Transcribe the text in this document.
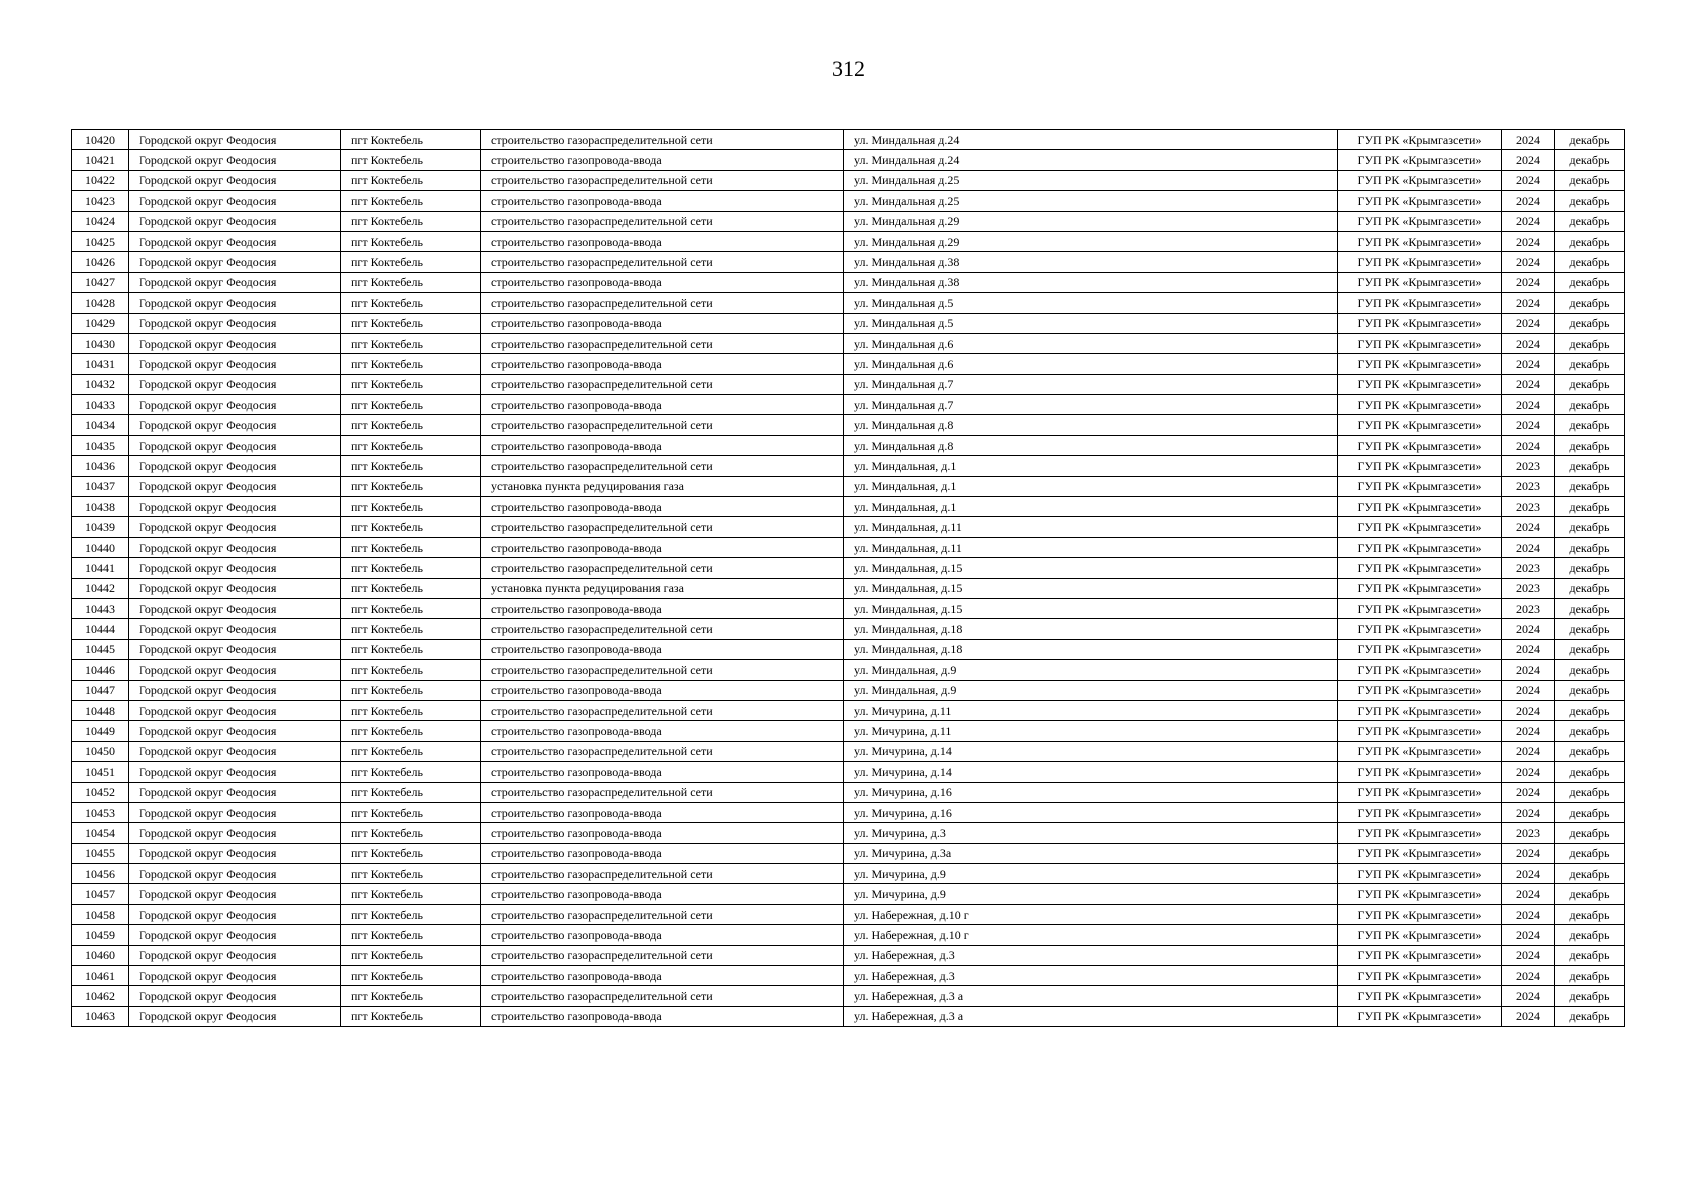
312
10420	Городской округ Феодосия	пгт Коктебель	строительство газораспределительной сети	ул. Миндальная д.24	ГУП РК «Крымгазсети»	2024	декабрь
10421	Городской округ Феодосия	пгт Коктебель	строительство газопровода-ввода	ул. Миндальная д.24	ГУП РК «Крымгазсети»	2024	декабрь
10422	Городской округ Феодосия	пгт Коктебель	строительство газораспределительной сети	ул. Миндальная д.25	ГУП РК «Крымгазсети»	2024	декабрь
10423	Городской округ Феодосия	пгт Коктебель	строительство газопровода-ввода	ул. Миндальная д.25	ГУП РК «Крымгазсети»	2024	декабрь
10424	Городской округ Феодосия	пгт Коктебель	строительство газораспределительной сети	ул. Миндальная д.29	ГУП РК «Крымгазсети»	2024	декабрь
10425	Городской округ Феодосия	пгт Коктебель	строительство газопровода-ввода	ул. Миндальная д.29	ГУП РК «Крымгазсети»	2024	декабрь
10426	Городской округ Феодосия	пгт Коктебель	строительство газораспределительной сети	ул. Миндальная д.38	ГУП РК «Крымгазсети»	2024	декабрь
10427	Городской округ Феодосия	пгт Коктебель	строительство газопровода-ввода	ул. Миндальная д.38	ГУП РК «Крымгазсети»	2024	декабрь
10428	Городской округ Феодосия	пгт Коктебель	строительство газораспределительной сети	ул. Миндальная д.5	ГУП РК «Крымгазсети»	2024	декабрь
10429	Городской округ Феодосия	пгт Коктебель	строительство газопровода-ввода	ул. Миндальная д.5	ГУП РК «Крымгазсети»	2024	декабрь
10430	Городской округ Феодосия	пгт Коктебель	строительство газораспределительной сети	ул. Миндальная д.6	ГУП РК «Крымгазсети»	2024	декабрь
10431	Городской округ Феодосия	пгт Коктебель	строительство газопровода-ввода	ул. Миндальная д.6	ГУП РК «Крымгазсети»	2024	декабрь
10432	Городской округ Феодосия	пгт Коктебель	строительство газораспределительной сети	ул. Миндальная д.7	ГУП РК «Крымгазсети»	2024	декабрь
10433	Городской округ Феодосия	пгт Коктебель	строительство газопровода-ввода	ул. Миндальная д.7	ГУП РК «Крымгазсети»	2024	декабрь
10434	Городской округ Феодосия	пгт Коктебель	строительство газораспределительной сети	ул. Миндальная д.8	ГУП РК «Крымгазсети»	2024	декабрь
10435	Городской округ Феодосия	пгт Коктебель	строительство газопровода-ввода	ул. Миндальная д.8	ГУП РК «Крымгазсети»	2024	декабрь
10436	Городской округ Феодосия	пгт Коктебель	строительство газораспределительной сети	ул. Миндальная, д.1	ГУП РК «Крымгазсети»	2023	декабрь
10437	Городской округ Феодосия	пгт Коктебель	установка пункта редуцирования газа	ул. Миндальная, д.1	ГУП РК «Крымгазсети»	2023	декабрь
10438	Городской округ Феодосия	пгт Коктебель	строительство газопровода-ввода	ул. Миндальная, д.1	ГУП РК «Крымгазсети»	2023	декабрь
10439	Городской округ Феодосия	пгт Коктебель	строительство газораспределительной сети	ул. Миндальная, д.11	ГУП РК «Крымгазсети»	2024	декабрь
10440	Городской округ Феодосия	пгт Коктебель	строительство газопровода-ввода	ул. Миндальная, д.11	ГУП РК «Крымгазсети»	2024	декабрь
10441	Городской округ Феодосия	пгт Коктебель	строительство газораспределительной сети	ул. Миндальная, д.15	ГУП РК «Крымгазсети»	2023	декабрь
10442	Городской округ Феодосия	пгт Коктебель	установка пункта редуцирования газа	ул. Миндальная, д.15	ГУП РК «Крымгазсети»	2023	декабрь
10443	Городской округ Феодосия	пгт Коктебель	строительство газопровода-ввода	ул. Миндальная, д.15	ГУП РК «Крымгазсети»	2023	декабрь
10444	Городской округ Феодосия	пгт Коктебель	строительство газораспределительной сети	ул. Миндальная, д.18	ГУП РК «Крымгазсети»	2024	декабрь
10445	Городской округ Феодосия	пгт Коктебель	строительство газопровода-ввода	ул. Миндальная, д.18	ГУП РК «Крымгазсети»	2024	декабрь
10446	Городской округ Феодосия	пгт Коктебель	строительство газораспределительной сети	ул. Миндальная, д.9	ГУП РК «Крымгазсети»	2024	декабрь
10447	Городской округ Феодосия	пгт Коктебель	строительство газопровода-ввода	ул. Миндальная, д.9	ГУП РК «Крымгазсети»	2024	декабрь
10448	Городской округ Феодосия	пгт Коктебель	строительство газораспределительной сети	ул. Мичурина, д.11	ГУП РК «Крымгазсети»	2024	декабрь
10449	Городской округ Феодосия	пгт Коктебель	строительство газопровода-ввода	ул. Мичурина, д.11	ГУП РК «Крымгазсети»	2024	декабрь
10450	Городской округ Феодосия	пгт Коктебель	строительство газораспределительной сети	ул. Мичурина, д.14	ГУП РК «Крымгазсети»	2024	декабрь
10451	Городской округ Феодосия	пгт Коктебель	строительство газопровода-ввода	ул. Мичурина, д.14	ГУП РК «Крымгазсети»	2024	декабрь
10452	Городской округ Феодосия	пгт Коктебель	строительство газораспределительной сети	ул. Мичурина, д.16	ГУП РК «Крымгазсети»	2024	декабрь
10453	Городской округ Феодосия	пгт Коктебель	строительство газопровода-ввода	ул. Мичурина, д.16	ГУП РК «Крымгазсети»	2024	декабрь
10454	Городской округ Феодосия	пгт Коктебель	строительство газопровода-ввода	ул. Мичурина, д.3	ГУП РК «Крымгазсети»	2023	декабрь
10455	Городской округ Феодосия	пгт Коктебель	строительство газопровода-ввода	ул. Мичурина, д.3а	ГУП РК «Крымгазсети»	2024	декабрь
10456	Городской округ Феодосия	пгт Коктебель	строительство газораспределительной сети	ул. Мичурина, д.9	ГУП РК «Крымгазсети»	2024	декабрь
10457	Городской округ Феодосия	пгт Коктебель	строительство газопровода-ввода	ул. Мичурина, д.9	ГУП РК «Крымгазсети»	2024	декабрь
10458	Городской округ Феодосия	пгт Коктебель	строительство газораспределительной сети	ул. Набережная, д.10 г	ГУП РК «Крымгазсети»	2024	декабрь
10459	Городской округ Феодосия	пгт Коктебель	строительство газопровода-ввода	ул. Набережная, д.10 г	ГУП РК «Крымгазсети»	2024	декабрь
10460	Городской округ Феодосия	пгт Коктебель	строительство газораспределительной сети	ул. Набережная, д.3	ГУП РК «Крымгазсети»	2024	декабрь
10461	Городской округ Феодосия	пгт Коктебель	строительство газопровода-ввода	ул. Набережная, д.3	ГУП РК «Крымгазсети»	2024	декабрь
10462	Городской округ Феодосия	пгт Коктебель	строительство газораспределительной сети	ул. Набережная, д.3 а	ГУП РК «Крымгазсети»	2024	декабрь
10463	Городской округ Феодосия	пгт Коктебель	строительство газопровода-ввода	ул. Набережная, д.3 а	ГУП РК «Крымгазсети»	2024	декабрь
